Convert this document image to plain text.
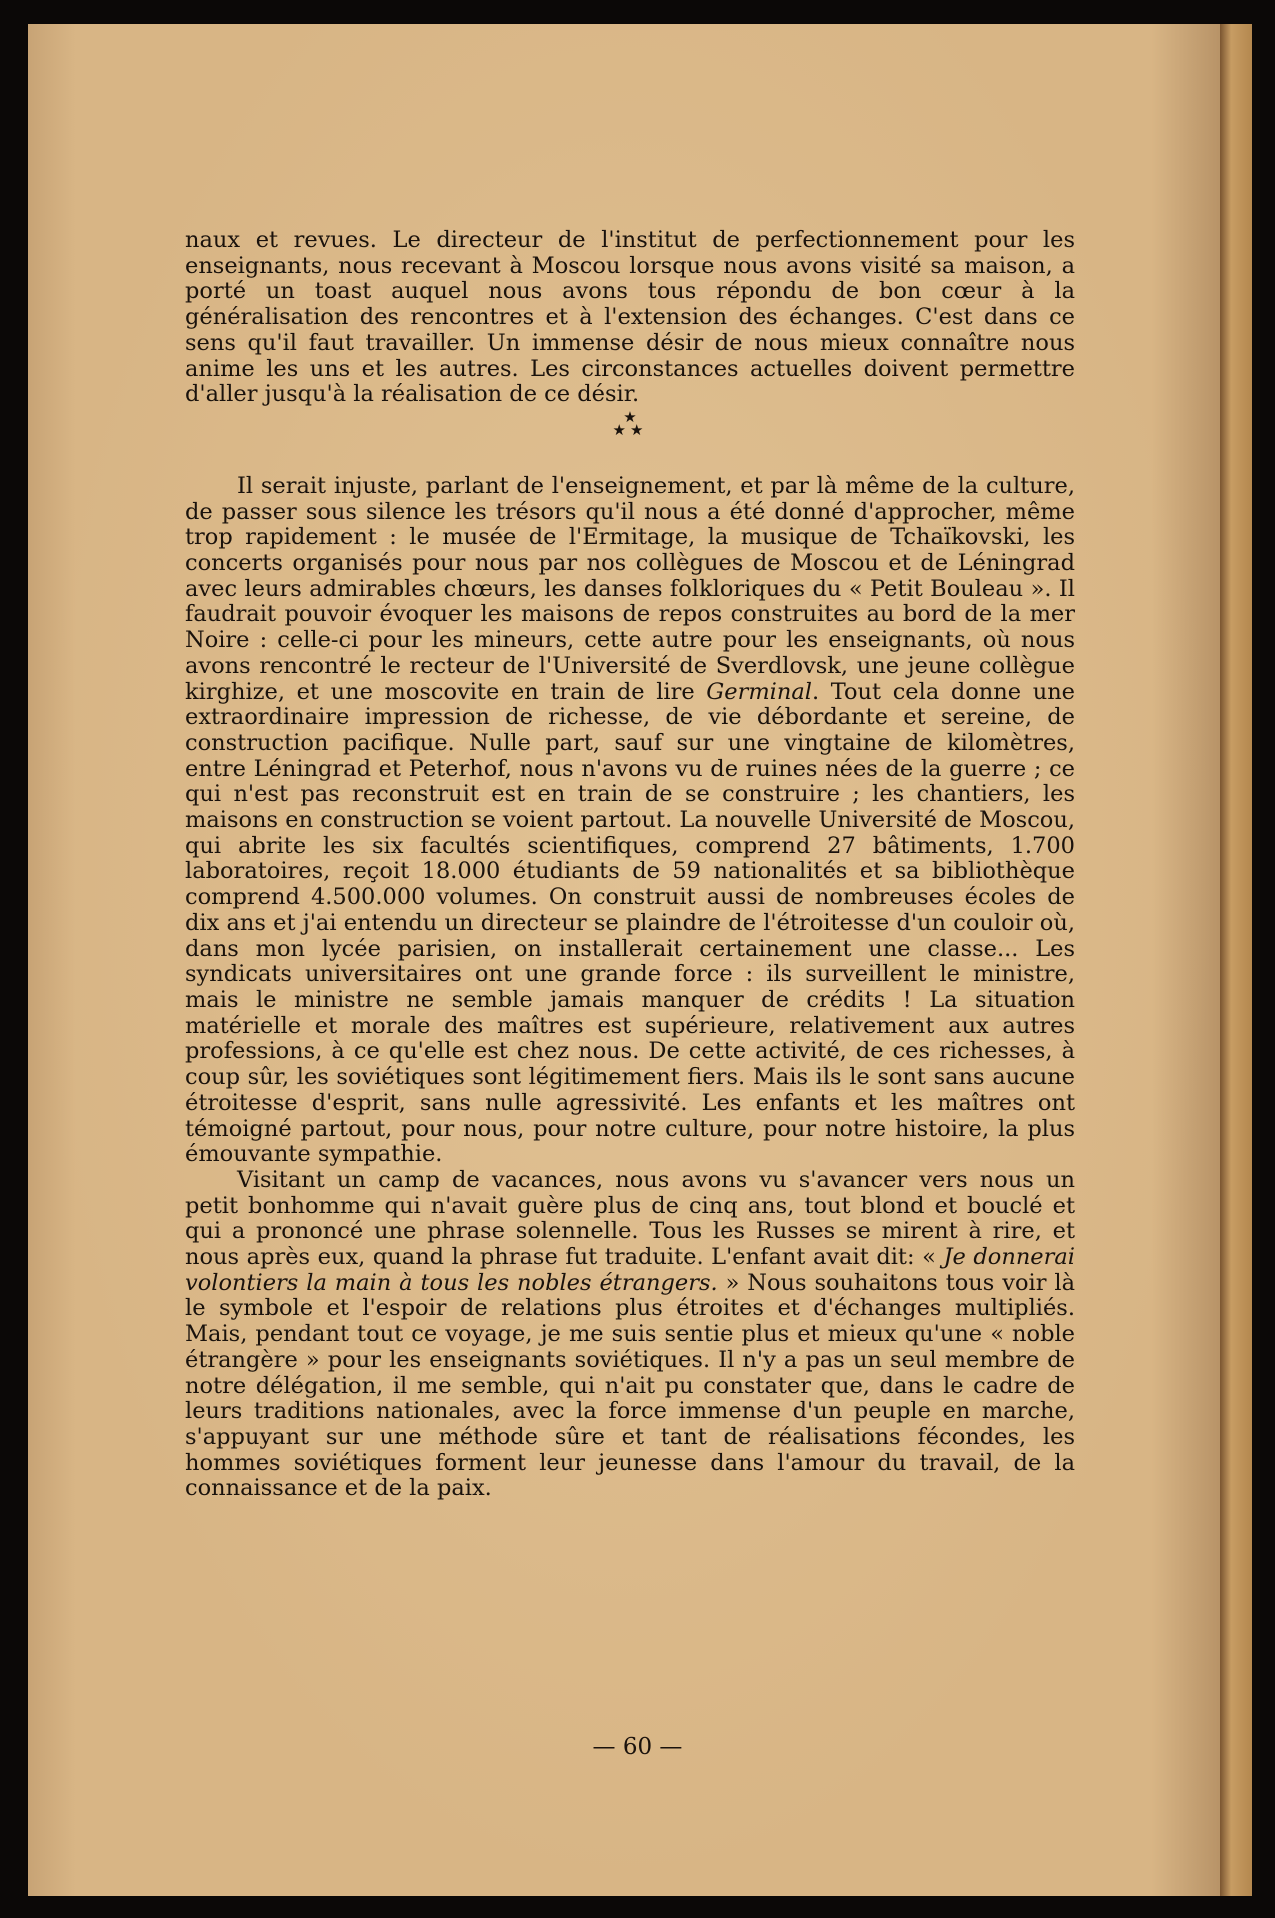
naux et revues. Le directeur de l'institut de perfectionnement pour les enseignants, nous recevant à Moscou lorsque nous avons visité sa maison, a porté un toast auquel nous avons tous répondu de bon cœur à la généralisation des rencontres et à l'extension des échanges. C'est dans ce sens qu'il faut travailler. Un immense désir de nous mieux connaître nous anime les uns et les autres. Les circonstances actuelles doivent permettre d'aller jusqu'à la réalisation de ce désir.

★
★★

Il serait injuste, parlant de l'enseignement, et par là même de la culture, de passer sous silence les trésors qu'il nous a été donné d'approcher, même trop rapidement : le musée de l'Ermitage, la musique de Tchaïkovski, les concerts organisés pour nous par nos collègues de Moscou et de Léningrad avec leurs admirables chœurs, les danses folkloriques du « Petit Bouleau ». Il faudrait pouvoir évoquer les maisons de repos construites au bord de la mer Noire : celle-ci pour les mineurs, cette autre pour les enseignants, où nous avons rencontré le recteur de l'Université de Sverdlovsk, une jeune collègue kirghize, et une moscovite en train de lire Germinal. Tout cela donne une extraordinaire impression de richesse, de vie débordante et sereine, de construction pacifique. Nulle part, sauf sur une vingtaine de kilomètres, entre Léningrad et Peterhof, nous n'avons vu de ruines nées de la guerre ; ce qui n'est pas reconstruit est en train de se construire ; les chantiers, les maisons en construction se voient partout. La nouvelle Université de Moscou, qui abrite les six facultés scientifiques, comprend 27 bâtiments, 1.700 laboratoires, reçoit 18.000 étudiants de 59 nationalités et sa bibliothèque comprend 4.500.000 volumes. On construit aussi de nombreuses écoles de dix ans et j'ai entendu un directeur se plaindre de l'étroitesse d'un couloir où, dans mon lycée parisien, on installerait certainement une classe... Les syndicats universitaires ont une grande force : ils surveillent le ministre, mais le ministre ne semble jamais manquer de crédits ! La situation matérielle et morale des maîtres est supérieure, relativement aux autres professions, à ce qu'elle est chez nous. De cette activité, de ces richesses, à coup sûr, les soviétiques sont légitimement fiers. Mais ils le sont sans aucune étroitesse d'esprit, sans nulle agressivité. Les enfants et les maîtres ont témoigné partout, pour nous, pour notre culture, pour notre histoire, la plus émouvante sympathie.

Visitant un camp de vacances, nous avons vu s'avancer vers nous un petit bonhomme qui n'avait guère plus de cinq ans, tout blond et bouclé et qui a prononcé une phrase solennelle. Tous les Russes se mirent à rire, et nous après eux, quand la phrase fut traduite. L'enfant avait dit: « Je donnerai volontiers la main à tous les nobles étrangers. » Nous souhaitons tous voir là le symbole et l'espoir de relations plus étroites et d'échanges multipliés. Mais, pendant tout ce voyage, je me suis sentie plus et mieux qu'une « noble étrangère » pour les enseignants soviétiques. Il n'y a pas un seul membre de notre délégation, il me semble, qui n'ait pu constater que, dans le cadre de leurs traditions nationales, avec la force immense d'un peuple en marche, s'appuyant sur une méthode sûre et tant de réalisations fécondes, les hommes soviétiques forment leur jeunesse dans l'amour du travail, de la connaissance et de la paix.

— 60 —
